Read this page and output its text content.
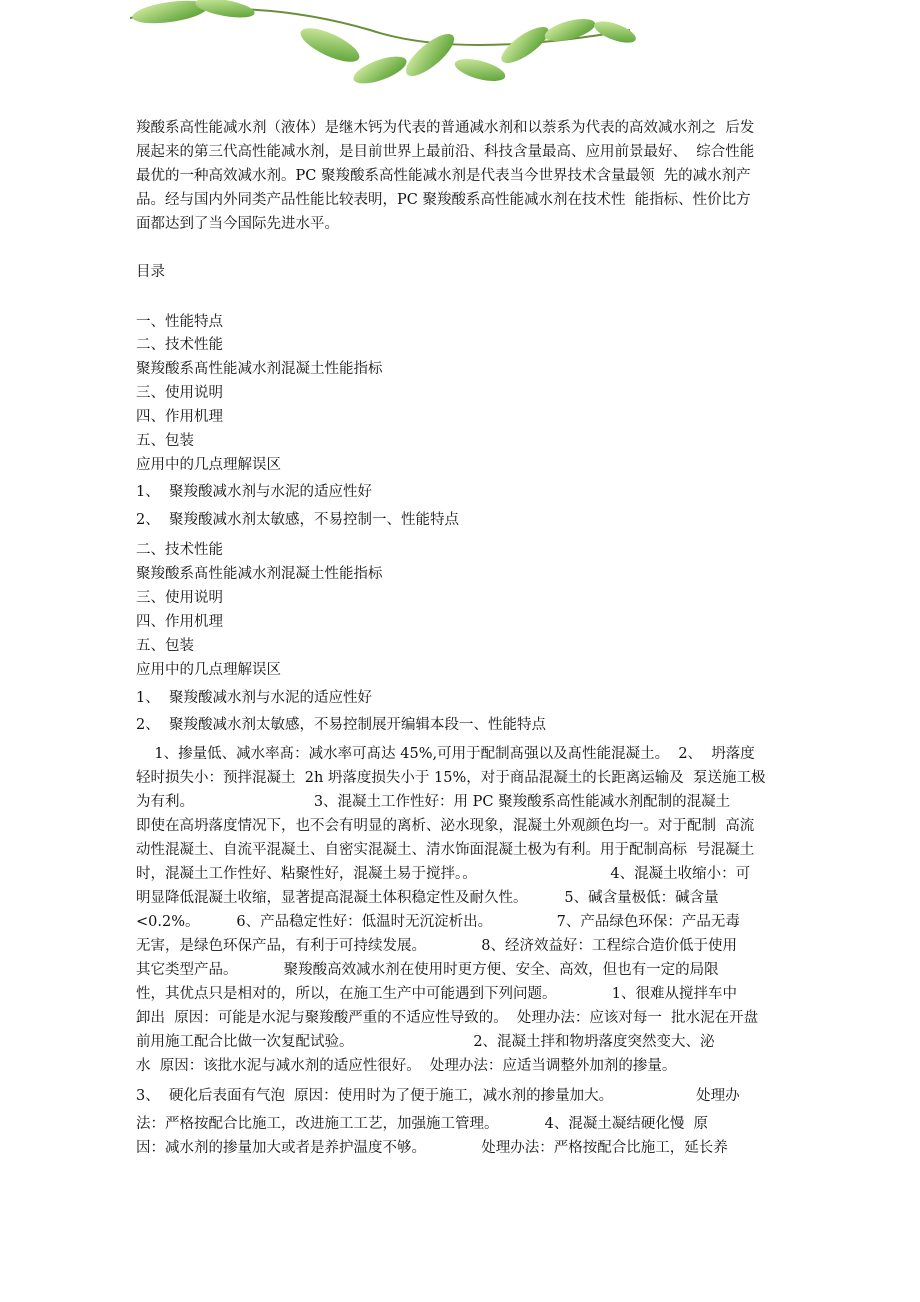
羧酸系高性能减水剂（液体）是继木钙为代表的普通减水剂和以萘系为代表的高效减水剂之  后发
展起来的第三代高性能减水剂，是目前世界上最前沿、科技含量最高、应用前景最好、  综合性能
最优的一种高效减水剂。PC 聚羧酸系高性能减水剂是代表当今世界技术含量最领  先的减水剂产
品。经与国内外同类产品性能比较表明，PC 聚羧酸系高性能减水剂在技术性  能指标、性价比方
面都达到了当今国际先进水平。
目录
一、性能特点
二、技术性能
聚羧酸系髙性能减水剂混凝土性能指标
三、使用说明
四、作用机理
五、包装
应用中的几点理解误区
1、  聚羧酸减水剂与水泥的适应性好
2、  聚羧酸减水剂太敏感，不易控制一、性能特点
二、技术性能
聚羧酸系髙性能减水剂混凝土性能指标
三、使用说明
四、作用机理
五、包装
应用中的几点理解误区
1、  聚羧酸减水剂与水泥的适应性好
2、  聚羧酸减水剂太敏感，不易控制展开编辑本段一、性能特点
1、掺量低、减水率髙：减水率可髙达 45%,可用于配制髙强以及髙性能混凝土。  2、  坍落度
轻时损失小：预拌混凝土  2h 坍落度损失小于 15%，对于商品混凝土的长距离运输及  泵送施工极
为有利。                          3、混凝土工作性好：用 PC 聚羧酸系高性能减水剂配制的混凝土
即使在高坍落度情况下，也不会有明显的离析、泌水现象，混凝土外观颜色均一。对于配制  高流
动性混凝土、自流平混凝土、自密实混凝土、清水饰面混凝土极为有利。用于配制高标  号混凝土
时，混凝土工作性好、粘聚性好，混凝土易于搅拌。。                             4、混凝土收缩小：可
明显降低混凝土收缩，显著提高混凝土体积稳定性及耐久性。        5、碱含量极低：碱含量
<0.2%。        6、产品稳定性好：低温时无沉淀析出。              7、产品绿色环保：产品无毒
无害，是绿色环保产品，有利于可持续发展。            8、经济效益好：工程综合造价低于使用
其它类型产品。          聚羧酸高效减水剂在使用时更方便、安全、高效，但也有一定的局限
性，其优点只是相对的，所以，在施工生产中可能遇到下列问题。            1、很难从搅拌车中
卸出  原因：可能是水泥与聚羧酸严重的不适应性导致的。  处理办法：应该对每一  批水泥在开盘
前用施工配合比做一次复配试验。                          2、混凝土拌和物坍落度突然变大、泌
水  原因：该批水泥与减水剂的适应性很好。  处理办法：应适当调整外加剂的掺量。
3、  硬化后表面有气泡  原因：使用时为了便于施工，减水剂的掺量加大。                  处理办
法：严格按配合比施工，改进施工工艺，加强施工管理。          4、混凝土凝结硬化慢  原
因：减水剂的掺量加大或者是养护温度不够。            处理办法：严格按配合比施工，延长养
